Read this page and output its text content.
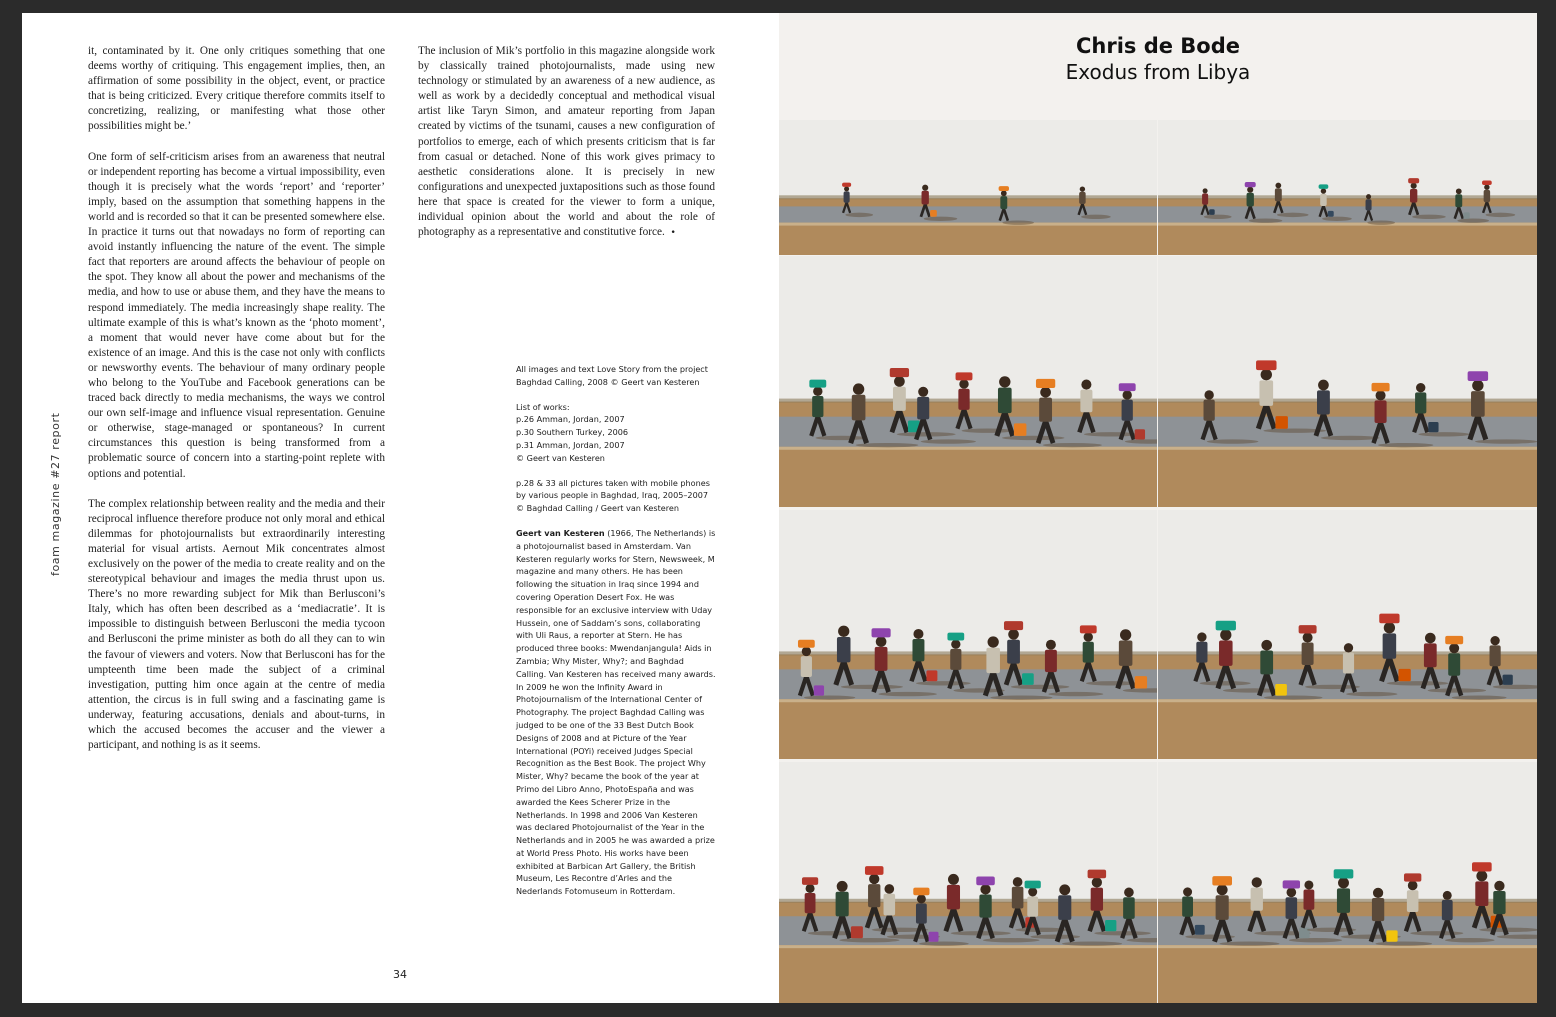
it, contaminated by it. One only critiques something that one deems worthy of critiquing. This engagement implies, then, an affirmation of some possibility in the object, event, or practice that is being criticized. Every critique therefore commits itself to concretizing, realizing, or manifesting what those other possibilities might be.’

One form of self-criticism arises from an awareness that neutral or independent reporting has become a virtual impossibility, even though it is precisely what the words ‘report’ and ‘reporter’ imply, based on the assumption that something happens in the world and is recorded so that it can be presented somewhere else. In practice it turns out that nowadays no form of reporting can avoid instantly influencing the nature of the event. The simple fact that reporters are around affects the behaviour of people on the spot. They know all about the power and mechanisms of the media, and how to use or abuse them, and they have the means to respond immediately. The media increasingly shape reality. The ultimate example of this is what’s known as the ‘photo moment’, a moment that would never have come about but for the existence of an image. And this is the case not only with conflicts or newsworthy events. The behaviour of many ordinary people who belong to the YouTube and Facebook generations can be traced back directly to media mechanisms, the ways we control our own self-image and influence visual representation. Genuine or otherwise, stage-managed or spontaneous? In current circumstances this question is being transformed from a problematic source of concern into a starting-point replete with options and potential.

The complex relationship between reality and the media and their reciprocal influence therefore produce not only moral and ethical dilemmas for photojournalists but extraordinarily interesting material for visual artists. Aernout Mik concentrates almost exclusively on the power of the media to create reality and on the stereotypical behaviour and images the media thrust upon us. There’s no more rewarding subject for Mik than Berlusconi’s Italy, which has often been described as a ‘mediacratie’. It is impossible to distinguish between Berlusconi the media tycoon and Berlusconi the prime minister as both do all they can to win the favour of viewers and voters. Now that Berlusconi has for the umpteenth time been made the subject of a criminal investigation, putting him once again at the centre of media attention, the circus is in full swing and a fascinating game is underway, featuring accusations, denials and about-turns, in which the accused becomes the accuser and the viewer a participant, and nothing is as it seems.

The inclusion of Mik’s portfolio in this magazine alongside work by classically trained photojournalists, made using new technology or stimulated by an awareness of a new audience, as well as work by a decidedly conceptual and methodical visual artist like Taryn Simon, and amateur reporting from Japan created by victims of the tsunami, causes a new configuration of portfolios to emerge, each of which presents criticism that is far from casual or detached. None of this work gives primacy to aesthetic considerations alone. It is precisely in new configurations and unexpected juxtapositions such as those found here that space is created for the viewer to form a unique, individual opinion about the world and about the role of photography as a representative and constitutive force. •

foam magazine #27 report
34

All images and text Love Story from the project Baghdad Calling, 2008 © Geert van Kesteren

List of works:
p.26 Amman, Jordan, 2007
p.30 Southern Turkey, 2006
p.31 Amman, Jordan, 2007
© Geert van Kesteren

p.28 & 33 all pictures taken with mobile phones by various people in Baghdad, Iraq, 2005–2007 © Baghdad Calling / Geert van Kesteren

Geert van Kesteren (1966, The Netherlands) is a photojournalist based in Amsterdam. Van Kesteren regularly works for Stern, Newsweek, M magazine and many others. He has been following the situation in Iraq since 1994 and covering Operation Desert Fox. He was responsible for an exclusive interview with Uday Hussein, one of Saddam’s sons, collaborating with Uli Raus, a reporter at Stern. He has produced three books: Mwendanjangula! Aids in Zambia; Why Mister, Why?; and Baghdad Calling. Van Kesteren has received many awards. In 2009 he won the Infinity Award in Photojournalism of the International Center of Photography. The project Baghdad Calling was judged to be one of the 33 Best Dutch Book Designs of 2008 and at Picture of the Year International (POYi) received Judges Special Recognition as the Best Book. The project Why Mister, Why? became the book of the year at Primo del Libro Anno, PhotoEspaña and was awarded the Kees Scherer Prize in the Netherlands. In 1998 and 2006 Van Kesteren was declared Photojournalist of the Year in the Netherlands and in 2005 he was awarded a prize at World Press Photo. His works have been exhibited at Barbican Art Gallery, the British Museum, Les Recontre d’Arles and the Nederlands Fotomuseum in Rotterdam.

Chris de Bode
Exodus from Libya
